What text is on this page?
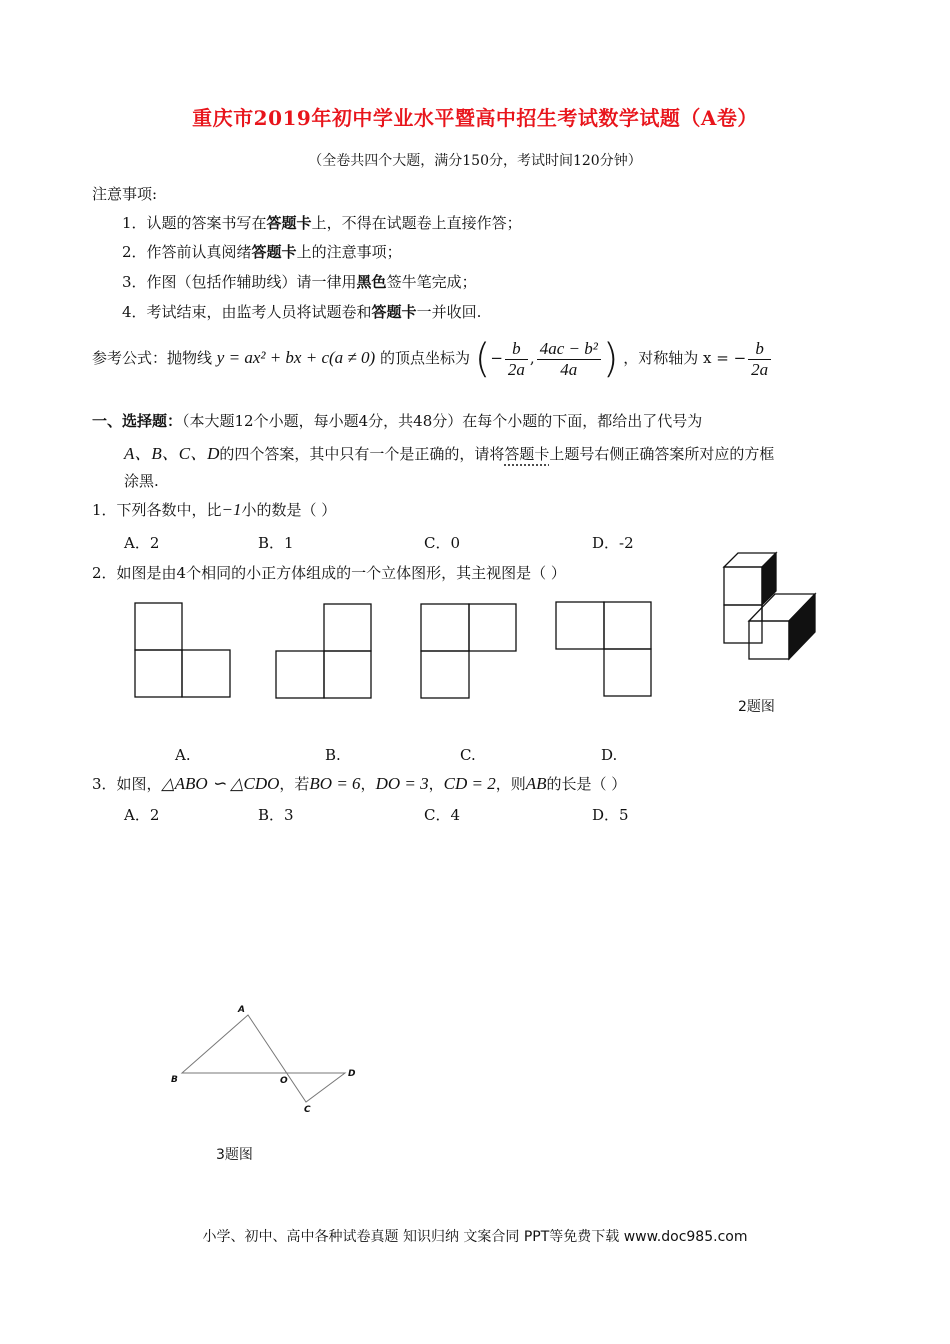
重庆市2019年初中学业水平暨高中招生考试数学试题（A卷）
（全卷共四个大题，满分150分，考试时间120分钟）
注意事项:
1．认题的答案书写在答题卡上，不得在试题卷上直接作答；
2．作答前认真阅绪答题卡上的注意事项；
3．作图（包括作辅助线）请一律用黑色签牛笔完成；
4．考试结束，由监考人员将试题卷和答题卡一并收回.
参考公式：抛物线 y = ax² + bx + c(a ≠ 0) 的顶点坐标为 (− $\frac{b}{2a}$ , $\frac{\text{4ac − b²}}{4a}$ ) ，对称轴为 x = − $\frac{b}{2a}$
一、选择题：（本大题12个小题，每小题4分，共48分）在每个小题的下面，都给出了代号为
A、B、C、D的四个答案，其中只有一个是正确的，请将答题卡上题号右侧正确答案所对应的方框
涂黑.
1．下列各数中，比−1小的数是（ ）
A．2	B．1	C．0	D．-2
2．如图是由4个相同的小正方体组成的一个立体图形，其主视图是（ ）
A.	B.	C.	D.
2题图
3．如图，△ABO ∽ △CDO，若BO = 6，DO = 3，CD = 2，则AB的长是（ ）
A．2	B．3	C．4	D．5
A
B	O
D
C
3题图
小学、初中、高中各种试卷真题 知识归纳 文案合同 PPT等免费下载 www.doc985.com
